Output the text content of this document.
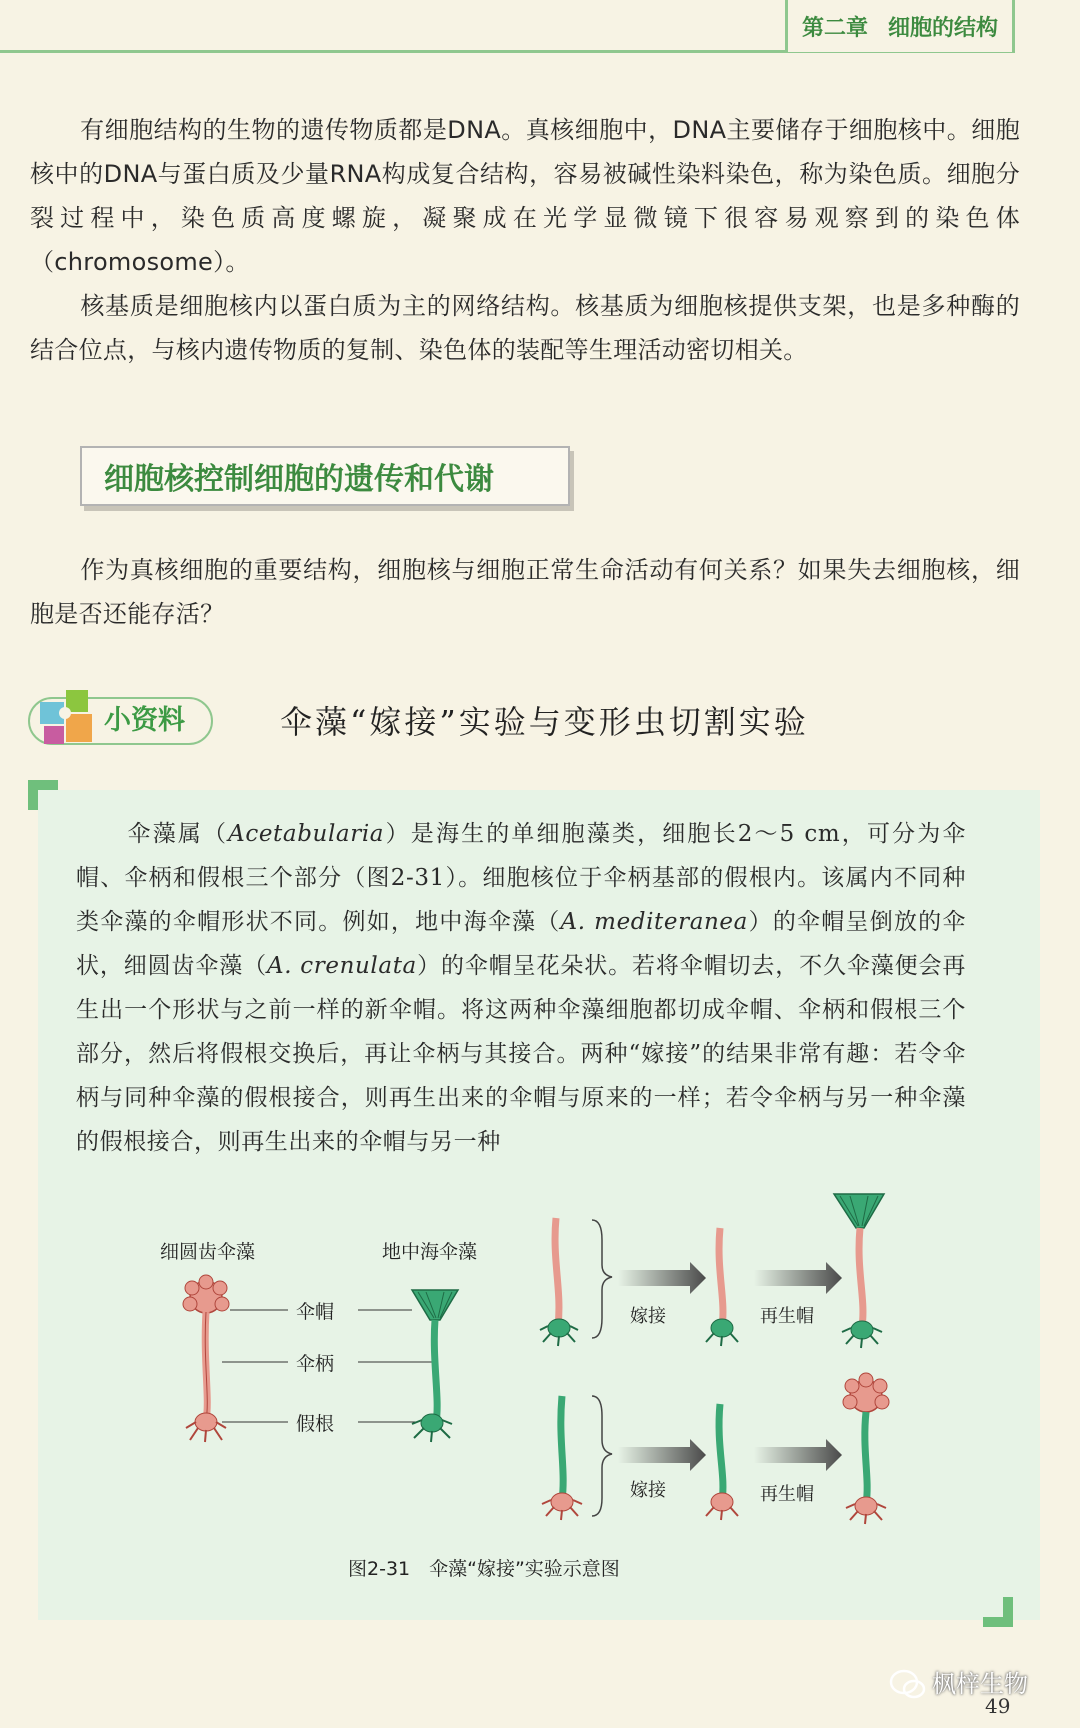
第二章 细胞的结构

有细胞结构的生物的遗传物质都是DNA。真核细胞中，DNA主要储存于细胞核中。细胞核中的DNA与蛋白质及少量RNA构成复合结构，容易被碱性染料染色，称为染色质。细胞分裂过程中，染色质高度螺旋，凝聚成在光学显微镜下很容易观察到的染色体（chromosome）。

核基质是细胞核内以蛋白质为主的网络结构。核基质为细胞核提供支架，也是多种酶的结合位点，与核内遗传物质的复制、染色体的装配等生理活动密切相关。

细胞核控制细胞的遗传和代谢

作为真核细胞的重要结构，细胞核与细胞正常生命活动有何关系？如果失去细胞核，细胞是否还能存活？

小资料	伞藻“嫁接”实验与变形虫切割实验

伞藻属（Acetabularia）是海生的单细胞藻类，细胞长2～5 cm，可分为伞帽、伞柄和假根三个部分（图2-31）。细胞核位于伞柄基部的假根内。该属内不同种类伞藻的伞帽形状不同。例如，地中海伞藻（A. mediteranea）的伞帽呈倒放的伞状，细圆齿伞藻（A. crenulata）的伞帽呈花朵状。若将伞帽切去，不久伞藻便会再生出一个形状与之前一样的新伞帽。将这两种伞藻细胞都切成伞帽、伞柄和假根三个部分，然后将假根交换后，再让伞柄与其接合。两种“嫁接”的结果非常有趣：若令伞柄与同种伞藻的假根接合，则再生出来的伞帽与原来的一样；若令伞柄与另一种伞藻的假根接合，则再生出来的伞帽与另一种

细圆齿伞藻	地中海伞藻
伞帽
伞柄
假根
嫁接	再生帽
嫁接	再生帽
图2-31　伞藻“嫁接”实验示意图
枫梓生物
49
